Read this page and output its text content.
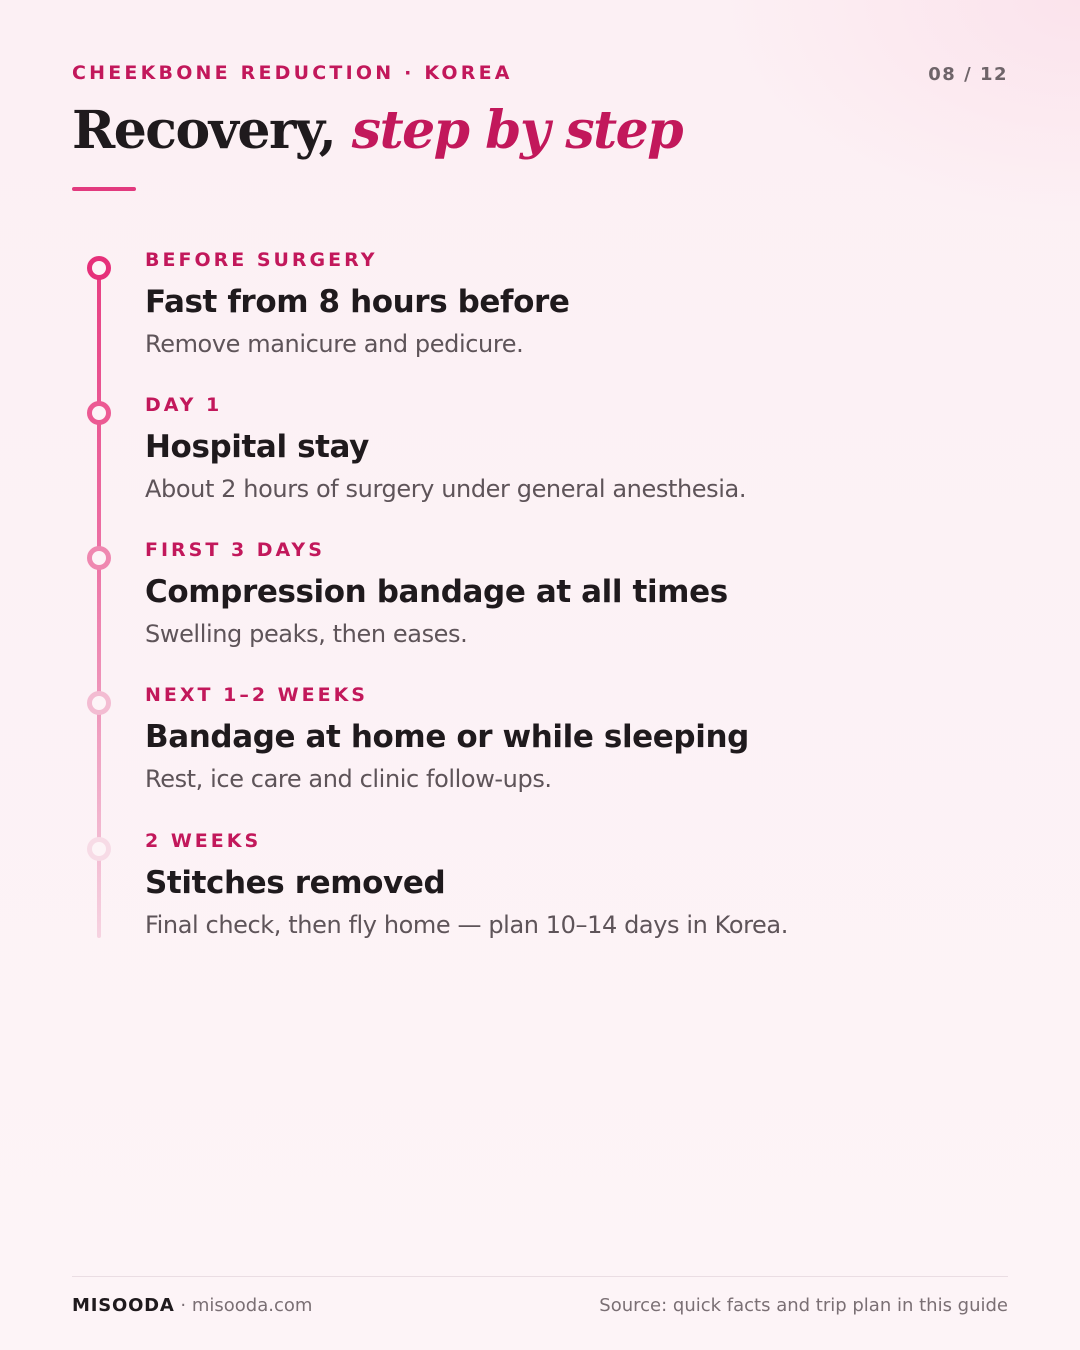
CHEEKBONE REDUCTION · KOREA	08 / 12
Recovery, step by step
BEFORE SURGERY
Fast from 8 hours before
Remove manicure and pedicure.
DAY 1
Hospital stay
About 2 hours of surgery under general anesthesia.
FIRST 3 DAYS
Compression bandage at all times
Swelling peaks, then eases.
NEXT 1–2 WEEKS
Bandage at home or while sleeping
Rest, ice care and clinic follow-ups.
2 WEEKS
Stitches removed
Final check, then fly home — plan 10–14 days in Korea.
MISOODA · misooda.com	Source: quick facts and trip plan in this guide
